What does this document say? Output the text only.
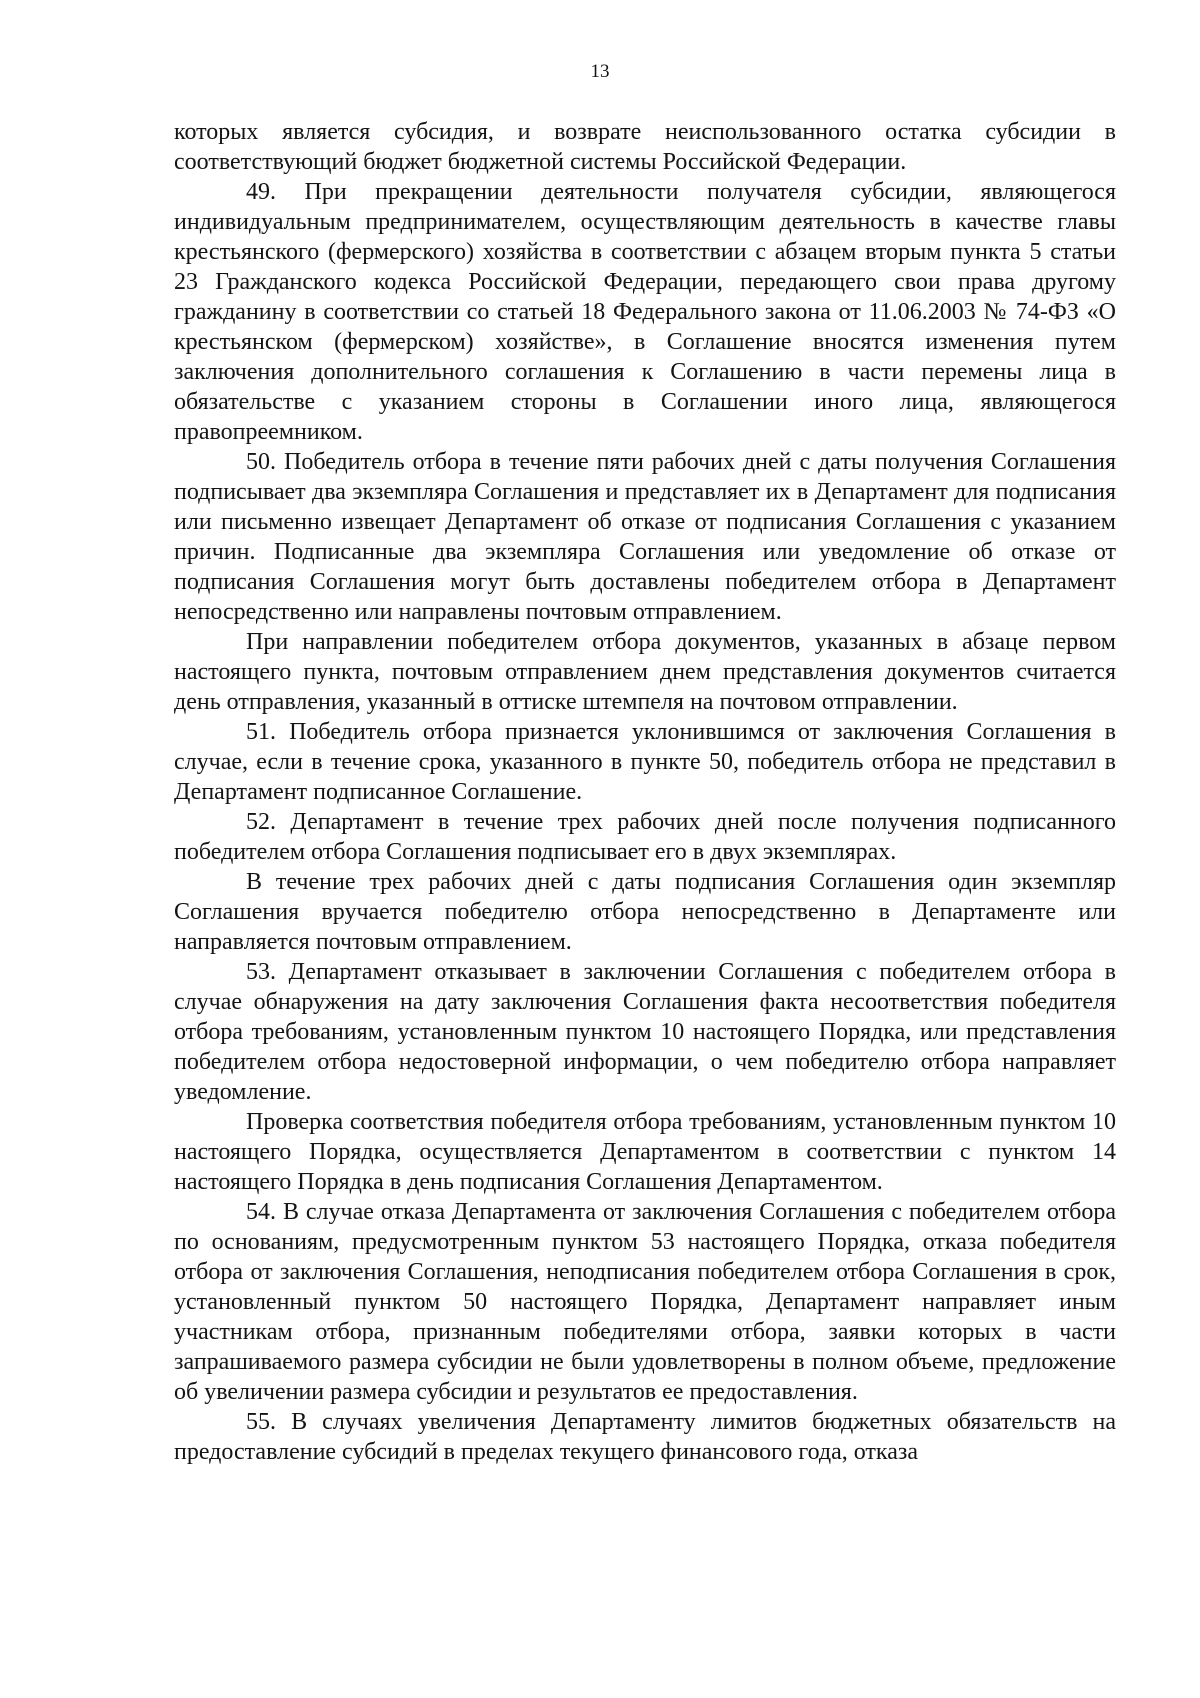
13

которых является субсидия, и возврате неиспользованного остатка субсидии в соответствующий бюджет бюджетной системы Российской Федерации.

49. При прекращении деятельности получателя субсидии, являющегося индивидуальным предпринимателем, осуществляющим деятельность в качестве главы крестьянского (фермерского) хозяйства в соответствии с абзацем вторым пункта 5 статьи 23 Гражданского кодекса Российской Федерации, передающего свои права другому гражданину в соответствии со статьей 18 Федерального закона от 11.06.2003 № 74-ФЗ «О крестьянском (фермерском) хозяйстве», в Соглашение вносятся изменения путем заключения дополнительного соглашения к Соглашению в части перемены лица в обязательстве с указанием стороны в Соглашении иного лица, являющегося правопреемником.

50. Победитель отбора в течение пяти рабочих дней с даты получения Соглашения подписывает два экземпляра Соглашения и представляет их в Департамент для подписания или письменно извещает Департамент об отказе от подписания Соглашения с указанием причин. Подписанные два экземпляра Соглашения или уведомление об отказе от подписания Соглашения могут быть доставлены победителем отбора в Департамент непосредственно или направлены почтовым отправлением.

При направлении победителем отбора документов, указанных в абзаце первом настоящего пункта, почтовым отправлением днем представления документов считается день отправления, указанный в оттиске штемпеля на почтовом отправлении.

51. Победитель отбора признается уклонившимся от заключения Соглашения в случае, если в течение срока, указанного в пункте 50, победитель отбора не представил в Департамент подписанное Соглашение.

52. Департамент в течение трех рабочих дней после получения подписанного победителем отбора Соглашения подписывает его в двух экземплярах.

В течение трех рабочих дней с даты подписания Соглашения один экземпляр Соглашения вручается победителю отбора непосредственно в Департаменте или направляется почтовым отправлением.

53. Департамент отказывает в заключении Соглашения с победителем отбора в случае обнаружения на дату заключения Соглашения факта несоответствия победителя отбора требованиям, установленным пунктом 10 настоящего Порядка, или представления победителем отбора недостоверной информации, о чем победителю отбора направляет уведомление.

Проверка соответствия победителя отбора требованиям, установленным пунктом 10 настоящего Порядка, осуществляется Департаментом в соответствии с пунктом 14 настоящего Порядка в день подписания Соглашения Департаментом.

54. В случае отказа Департамента от заключения Соглашения с победителем отбора по основаниям, предусмотренным пунктом 53 настоящего Порядка, отказа победителя отбора от заключения Соглашения, неподписания победителем отбора Соглашения в срок, установленный пунктом 50 настоящего Порядка, Департамент направляет иным участникам отбора, признанным победителями отбора, заявки которых в части запрашиваемого размера субсидии не были удовлетворены в полном объеме, предложение об увеличении размера субсидии и результатов ее предоставления.

55. В случаях увеличения Департаменту лимитов бюджетных обязательств на предоставление субсидий в пределах текущего финансового года, отказа
